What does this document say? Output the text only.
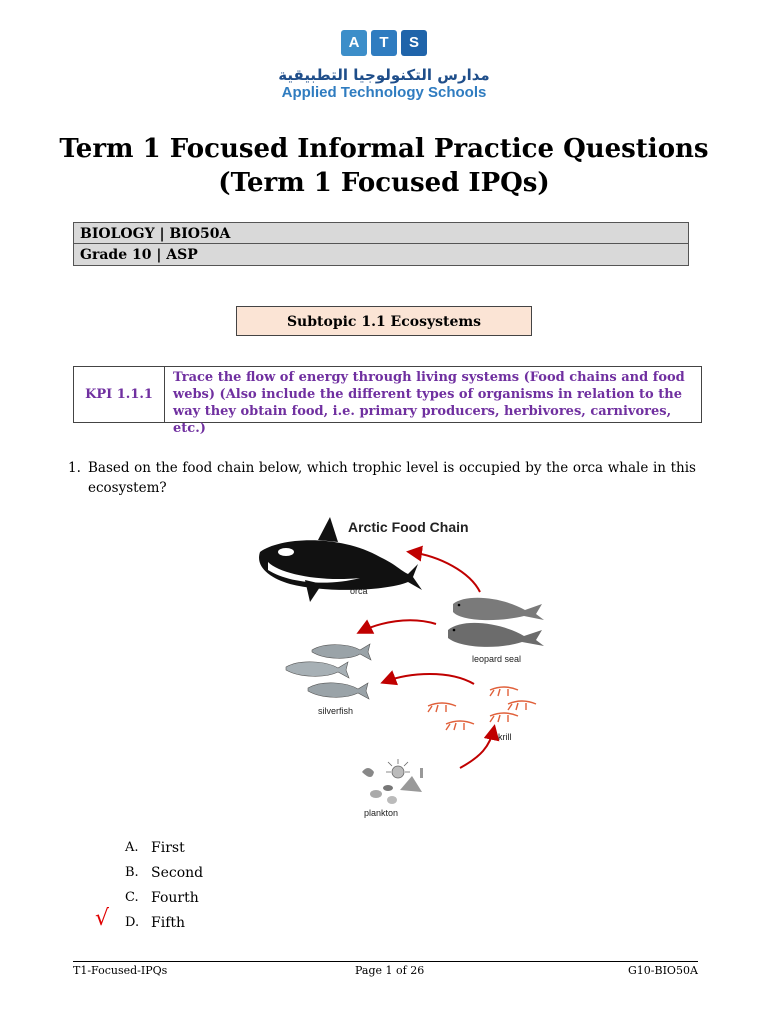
A	T	S
مدارس التكنولوجيا التطبيقية
Applied Technology Schools
Term 1 Focused Informal Practice Questions
(Term 1 Focused IPQs)
BIOLOGY | BIO50A
Grade 10 | ASP
Subtopic 1.1 Ecosystems
KPI 1.1.1
Trace the flow of energy through living systems (Food chains and food webs) (Also include the different types of organisms in relation to the way they obtain food, i.e. primary producers, herbivores, carnivores, etc.)
1. Based on the food chain below, which trophic level is occupied by the orca whale in this ecosystem?
Arctic Food Chain
orca
leopard seal
silverfish
krill
plankton
A. First
B. Second
C. Fourth
√ D. Fifth
T1-Focused-IPQs	Page 1 of 26	G10-BIO50A
